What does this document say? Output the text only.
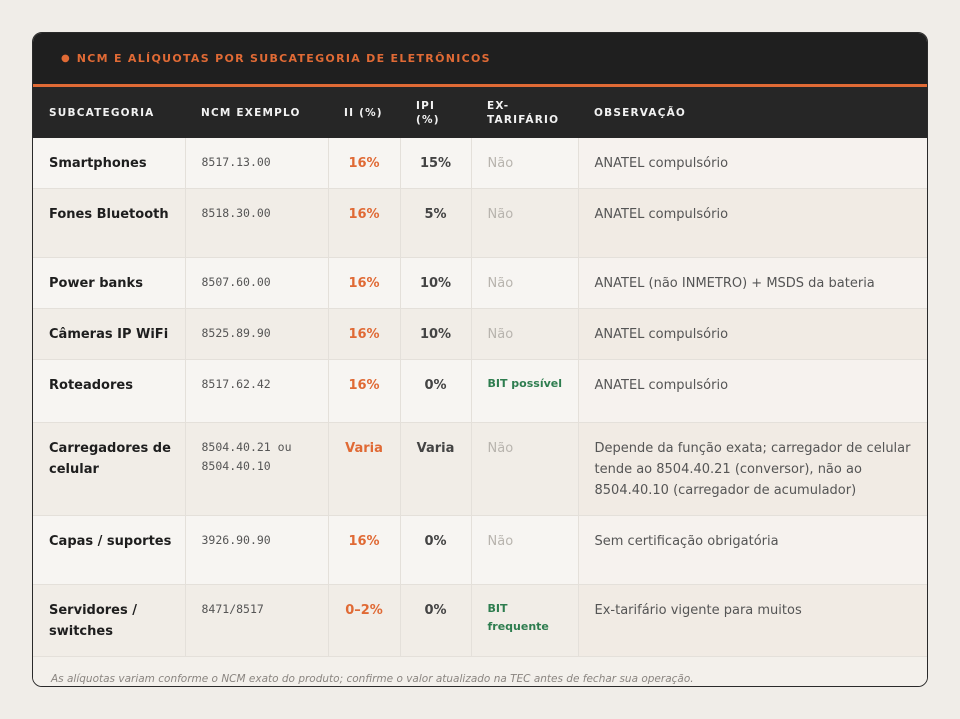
● NCM E ALÍQUOTAS POR SUBCATEGORIA DE ELETRÔNICOS
SUBCATEGORIA	NCM EXEMPLO	II (%)	IPI (%)	EX-TARIFÁRIO	OBSERVAÇÃO
Smartphones	8517.13.00	16%	15%	Não	ANATEL compulsório
Fones Bluetooth	8518.30.00	16%	5%	Não	ANATEL compulsório
Power banks	8507.60.00	16%	10%	Não	ANATEL (não INMETRO) + MSDS da bateria
Câmeras IP WiFi	8525.89.90	16%	10%	Não	ANATEL compulsório
Roteadores	8517.62.42	16%	0%	BIT possível	ANATEL compulsório
Carregadores de celular	8504.40.21 ou 8504.40.10	Varia	Varia	Não	Depende da função exata; carregador de celular tende ao 8504.40.21 (conversor), não ao 8504.40.10 (carregador de acumulador)
Capas / suportes	3926.90.90	16%	0%	Não	Sem certificação obrigatória
Servidores / switches	8471/8517	0–2%	0%	BIT frequente	Ex-tarifário vigente para muitos
As alíquotas variam conforme o NCM exato do produto; confirme o valor atualizado na TEC antes de fechar sua operação.
